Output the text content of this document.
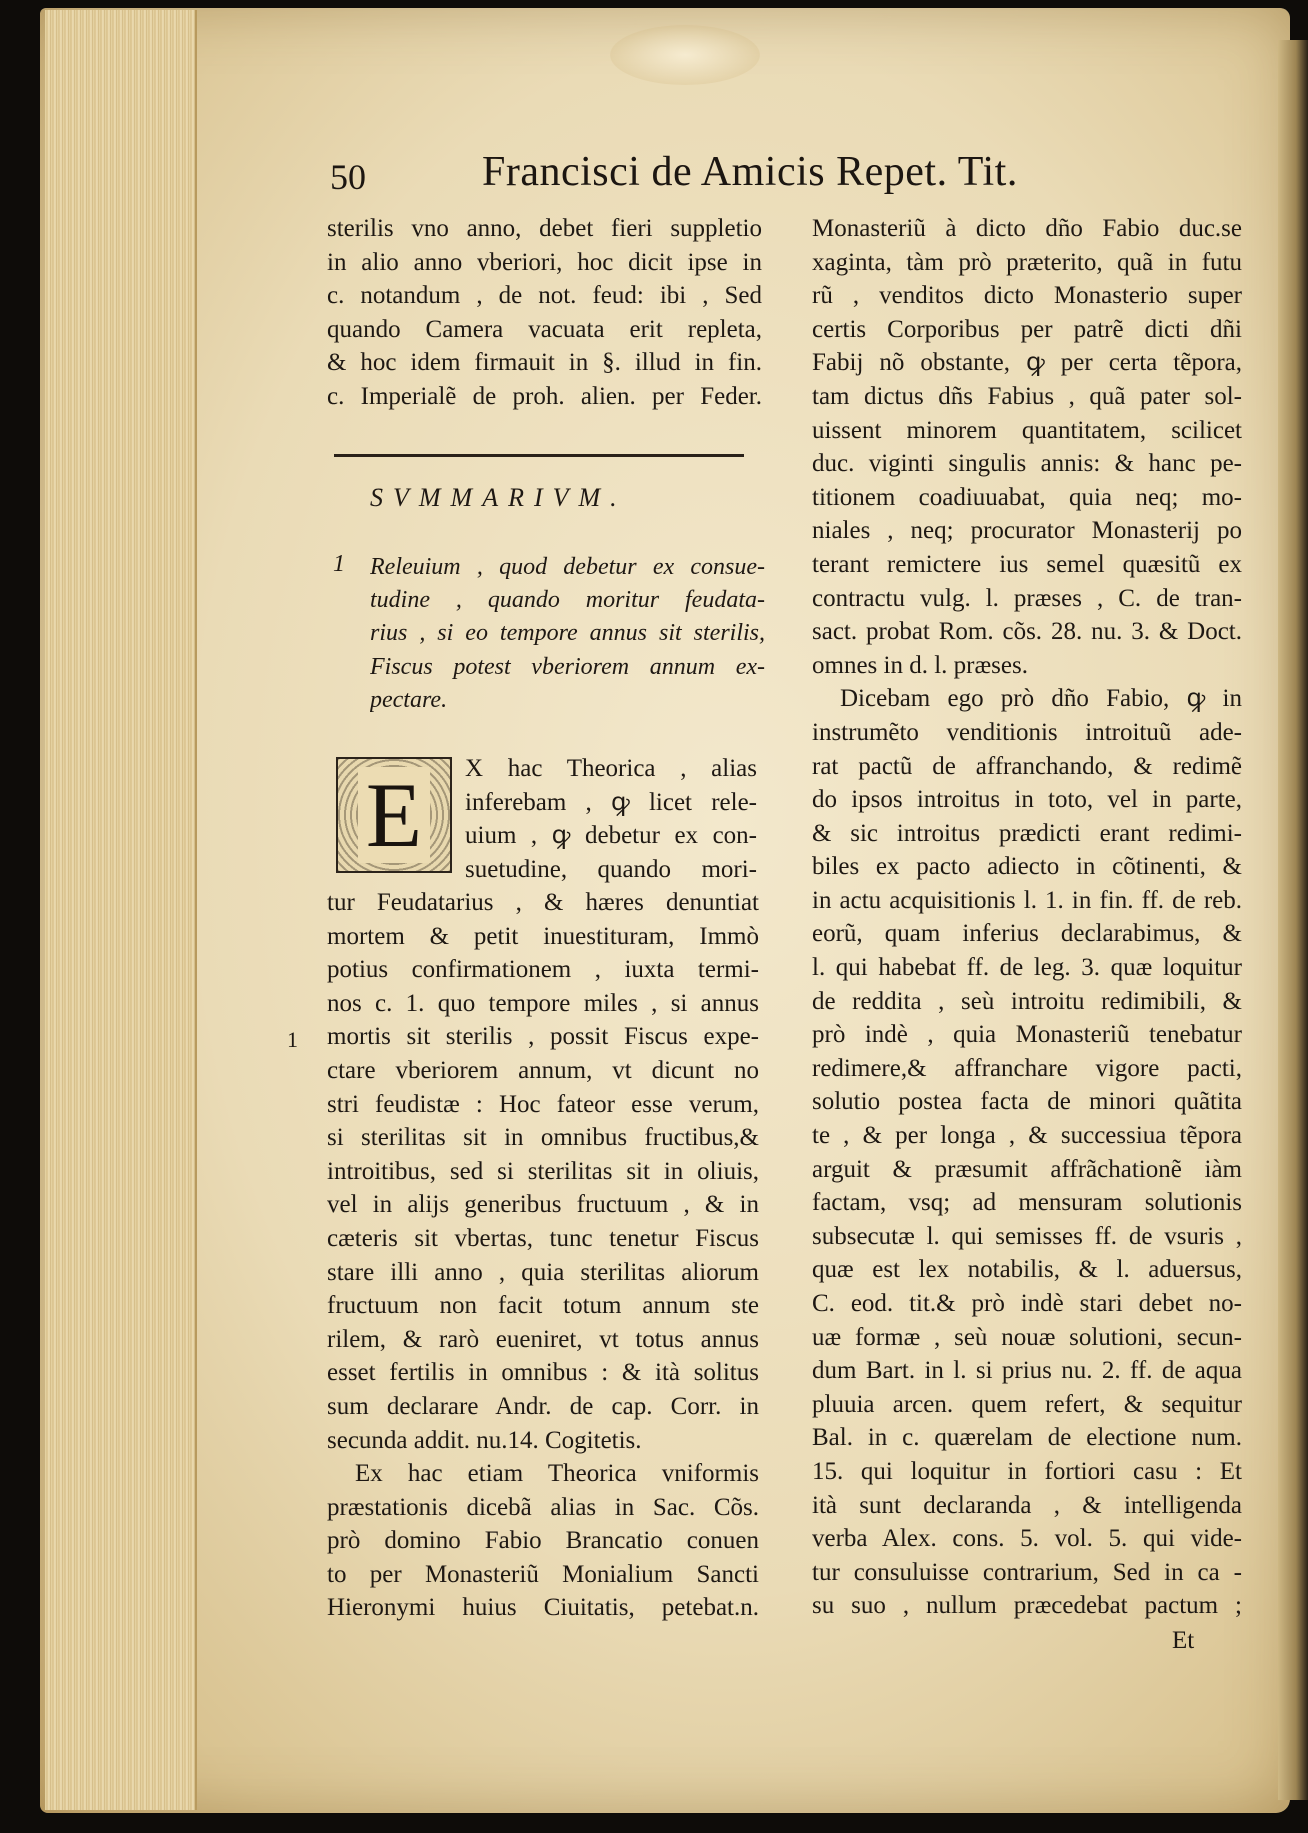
50	Francisci de Amicis Repet. Tit.
sterilis vno anno, debet fieri suppletio
in alio anno vberiori, hoc dicit ipse in
c. notandum , de not. feud: ibi , Sed
quando Camera vacuata erit repleta,
& hoc idem firmauit in §. illud in fin.
c. Imperialẽ de proh. alien. per Feder.
SVMMARIVM.
1 Releuium , quod debetur ex consue-
tudine , quando moritur feudata-
rius , si eo tempore annus sit sterilis,
Fiscus potest vberiorem annum ex-
pectare.
E	X hac Theorica , alias
inferebam , ꝙ licet rele-
uium , ꝙ debetur ex con-
suetudine, quando mori-
tur Feudatarius , & hæres denuntiat
mortem & petit inuestituram, Immò
potius confirmationem , iuxta termi-
nos c. 1. quo tempore miles , si annus
mortis sit sterilis , possit Fiscus expe-
ctare vberiorem annum, vt dicunt no
stri feudistæ : Hoc fateor esse verum,
si sterilitas sit in omnibus fructibus,&
introitibus, sed si sterilitas sit in oliuis,
vel in alijs generibus fructuum , & in
cæteris sit vbertas, tunc tenetur Fiscus
stare illi anno , quia sterilitas aliorum
fructuum non facit totum annum ste
rilem, & rarò eueniret, vt totus annus
esset fertilis in omnibus : & ità solitus
sum declarare Andr. de cap. Corr. in
secunda addit. nu.14. Cogitetis.
Ex hac etiam Theorica vniformis
præstationis dicebã alias in Sac. Cõs.
prò domino Fabio Brancatio conuen
to per Monasteriũ Monialium Sancti
Hieronymi huius Ciuitatis, petebat.n.
1
Monasteriũ à dicto dño Fabio duc.se
xaginta, tàm prò præterito, quã in futu
rũ , venditos dicto Monasterio super
certis Corporibus per patrẽ dicti dñi
Fabij nõ obstante, ꝙ per certa tẽpora,
tam dictus dñs Fabius , quã pater sol-
uissent minorem quantitatem, scilicet
duc. viginti singulis annis: & hanc pe-
titionem coadiuuabat, quia neq; mo-
niales , neq; procurator Monasterij po
terant remictere ius semel quæsitũ ex
contractu vulg. l. præses , C. de tran-
sact. probat Rom. cõs. 28. nu. 3. & Doct.
omnes in d. l. præses.
Dicebam ego prò dño Fabio, ꝙ in
instrumẽto venditionis introituũ ade-
rat pactũ de affranchando, & redimẽ
do ipsos introitus in toto, vel in parte,
& sic introitus prædicti erant redimi-
biles ex pacto adiecto in cõtinenti, &
in actu acquisitionis l. 1. in fin. ff. de reb.
eorũ, quam inferius declarabimus, &
l. qui habebat ff. de leg. 3. quæ loquitur
de reddita , seù introitu redimibili, &
prò indè , quia Monasteriũ tenebatur
redimere,& affranchare vigore pacti,
solutio postea facta de minori quãtita
te , & per longa , & successiua tẽpora
arguit & præsumit affrãchationẽ iàm
factam, vsq; ad mensuram solutionis
subsecutæ l. qui semisses ff. de vsuris ,
quæ est lex notabilis, & l. aduersus,
C. eod. tit.& prò indè stari debet no-
uæ formæ , seù nouæ solutioni, secun-
dum Bart. in l. si prius nu. 2. ff. de aqua
pluuia arcen. quem refert, & sequitur
Bal. in c. quærelam de electione num.
15. qui loquitur in fortiori casu : Et
ità sunt declaranda , & intelligenda
verba Alex. cons. 5. vol. 5. qui vide-
tur consuluisse contrarium, Sed in ca -
su suo , nullum præcedebat pactum ;
Et
